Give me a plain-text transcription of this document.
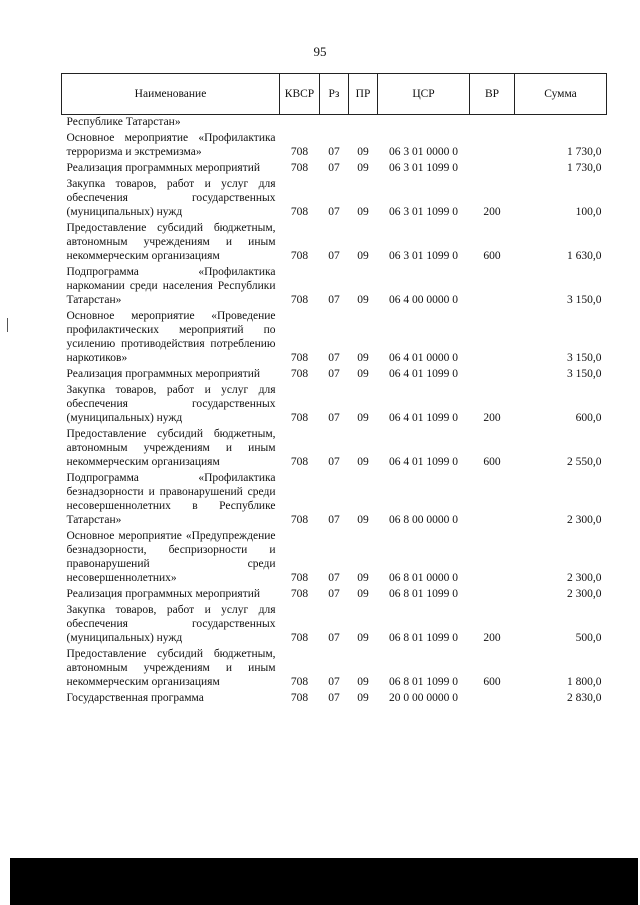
95
Наименование	КВСР	Рз	ПР	ЦСР	ВР	Сумма
Республике Татарстан»						
Основное мероприятие «Профилактика терроризма и экстремизма»	708	07	09	06 3 01 0000 0		1 730,0
Реализация программных мероприятий	708	07	09	06 3 01 1099 0		1 730,0
Закупка товаров, работ и услуг для обеспечения государственных (муниципальных) нужд	708	07	09	06 3 01 1099 0	200	100,0
Предоставление субсидий бюджетным, автономным учреждениям и иным некоммерческим организациям	708	07	09	06 3 01 1099 0	600	1 630,0
Подпрограмма «Профилактика наркомании среди населения Республики Татарстан»	708	07	09	06 4 00 0000 0		3 150,0
Основное мероприятие «Проведение профилактических мероприятий по усилению противодействия потреблению наркотиков»	708	07	09	06 4 01 0000 0		3 150,0
Реализация программных мероприятий	708	07	09	06 4 01 1099 0		3 150,0
Закупка товаров, работ и услуг для обеспечения государственных (муниципальных) нужд	708	07	09	06 4 01 1099 0	200	600,0
Предоставление субсидий бюджетным, автономным учреждениям и иным некоммерческим организациям	708	07	09	06 4 01 1099 0	600	2 550,0
Подпрограмма «Профилактика безнадзорности и правонарушений среди несовершеннолетних в Республике Татарстан»	708	07	09	06 8 00 0000 0		2 300,0
Основное мероприятие «Предупреждение безнадзорности, беспризорности и правонарушений среди несовершеннолетних»	708	07	09	06 8 01 0000 0		2 300,0
Реализация программных мероприятий	708	07	09	06 8 01 1099 0		2 300,0
Закупка товаров, работ и услуг для обеспечения государственных (муниципальных) нужд	708	07	09	06 8 01 1099 0	200	500,0
Предоставление субсидий бюджетным, автономным учреждениям и иным некоммерческим организациям	708	07	09	06 8 01 1099 0	600	1 800,0
Государственная программа	708	07	09	20 0 00 0000 0		2 830,0
